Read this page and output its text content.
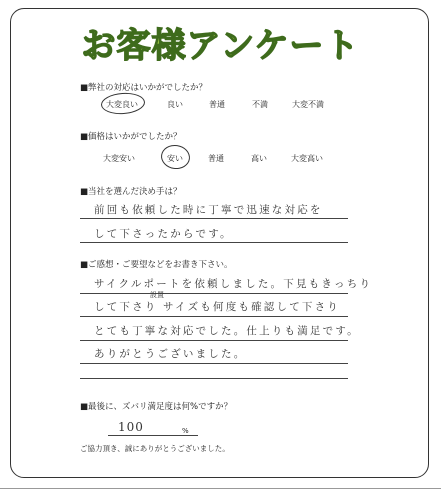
お客様アンケート
■弊社の対応はいかがでしたか？
大変良い	良い	普通	不満	大変不満
■価格はいかがでしたか？
大変安い	安い	普通	高い	大変高い
■当社を選んだ決め手は？
前回も依頼した時に丁寧で迅速な対応を
して下さったからです。
■ご感想・ご要望などをお書き下さい。
サイクルポートを依頼しました。下見もきっちり
設置
して下さり サイズも何度も確認して下さり
とても丁寧な対応でした。仕上りも満足です。
ありがとうございました。
■最後に、ズバリ満足度は何%ですか？
100	%
ご協力頂き、誠にありがとうございました。
